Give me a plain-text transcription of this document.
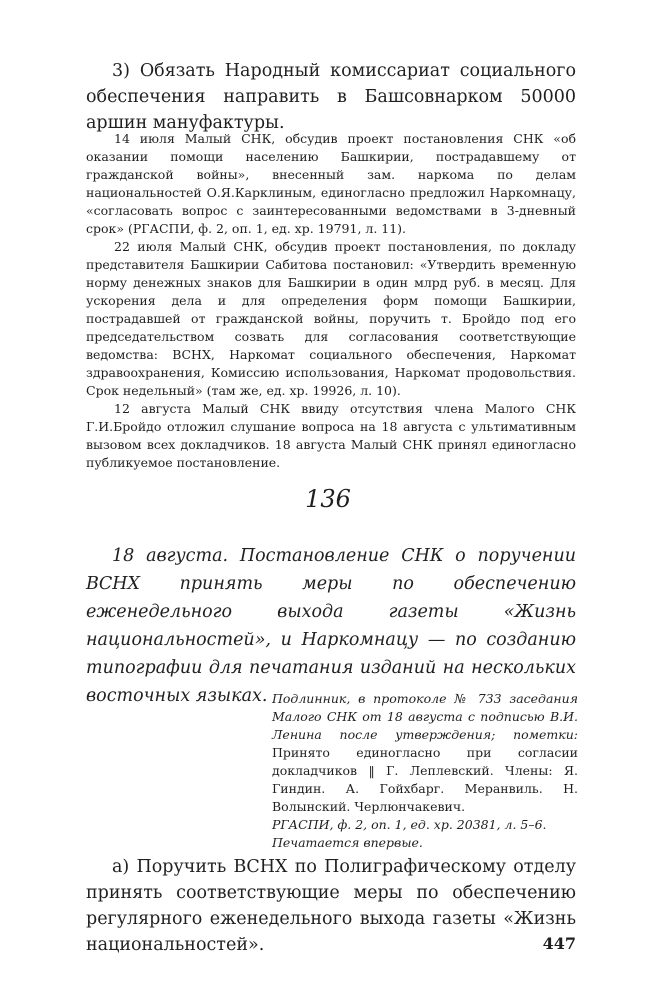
3) Обязать Народный комиссариат социального обеспечения направить в Башсовнарком 50000 аршин мануфактуры.

14 июля Малый СНК, обсудив проект постановления СНК «об оказании помощи населению Башкирии, пострадавшему от гражданской войны», внесенный зам. наркома по делам национальностей О.Я.Карклиным, единогласно предложил Наркомнацу, «согласовать вопрос с заинтересованными ведомствами в 3-дневный срок» (РГАСПИ, ф. 2, оп. 1, ед. хр. 19791, л. 11).

22 июля Малый СНК, обсудив проект постановления, по докладу представителя Башкирии Сабитова постановил: «Утвердить временную норму денежных знаков для Башкирии в один млрд руб. в месяц. Для ускорения дела и для определения форм помощи Башкирии, пострадавшей от гражданской войны, поручить т. Бройдо под его председательством созвать для согласования соответствующие ведомства: ВСНХ, Наркомат социального обеспечения, Наркомат здравоохранения, Комиссию использования, Наркомат продовольствия. Срок недельный» (там же, ед. хр. 19926, л. 10).

12 августа Малый СНК ввиду отсутствия члена Малого СНК Г.И.Бройдо отложил слушание вопроса на 18 августа с ультимативным вызовом всех докладчиков. 18 августа Малый СНК принял единогласно публикуемое постановление.

136

18 августа. Постановление СНК о поручении ВСНХ принять меры по обеспечению еженедельного выхода газеты «Жизнь национальностей», и Наркомнацу — по созданию типографии для печатания изданий на нескольких восточных языках. Подлинник, в протоколе № 733 заседания Малого СНК от 18 августа с подписью В.И. Ленина после утверждения; пометки: Принято единогласно при согласии докладчиков ‖ Г. Леплевский. Члены: Я. Гиндин. А. Гойхбарг. Меранвиль. Н. Волынский. Черлюнчакевич.

РГАСПИ, ф. 2, оп. 1, ед. хр. 20381, л. 5–6.

Печатается впервые.

а) Поручить ВСНХ по Полиграфическому отделу принять соответствующие меры по обеспечению регулярного еженедельного выхода газеты «Жизнь национальностей».	447
